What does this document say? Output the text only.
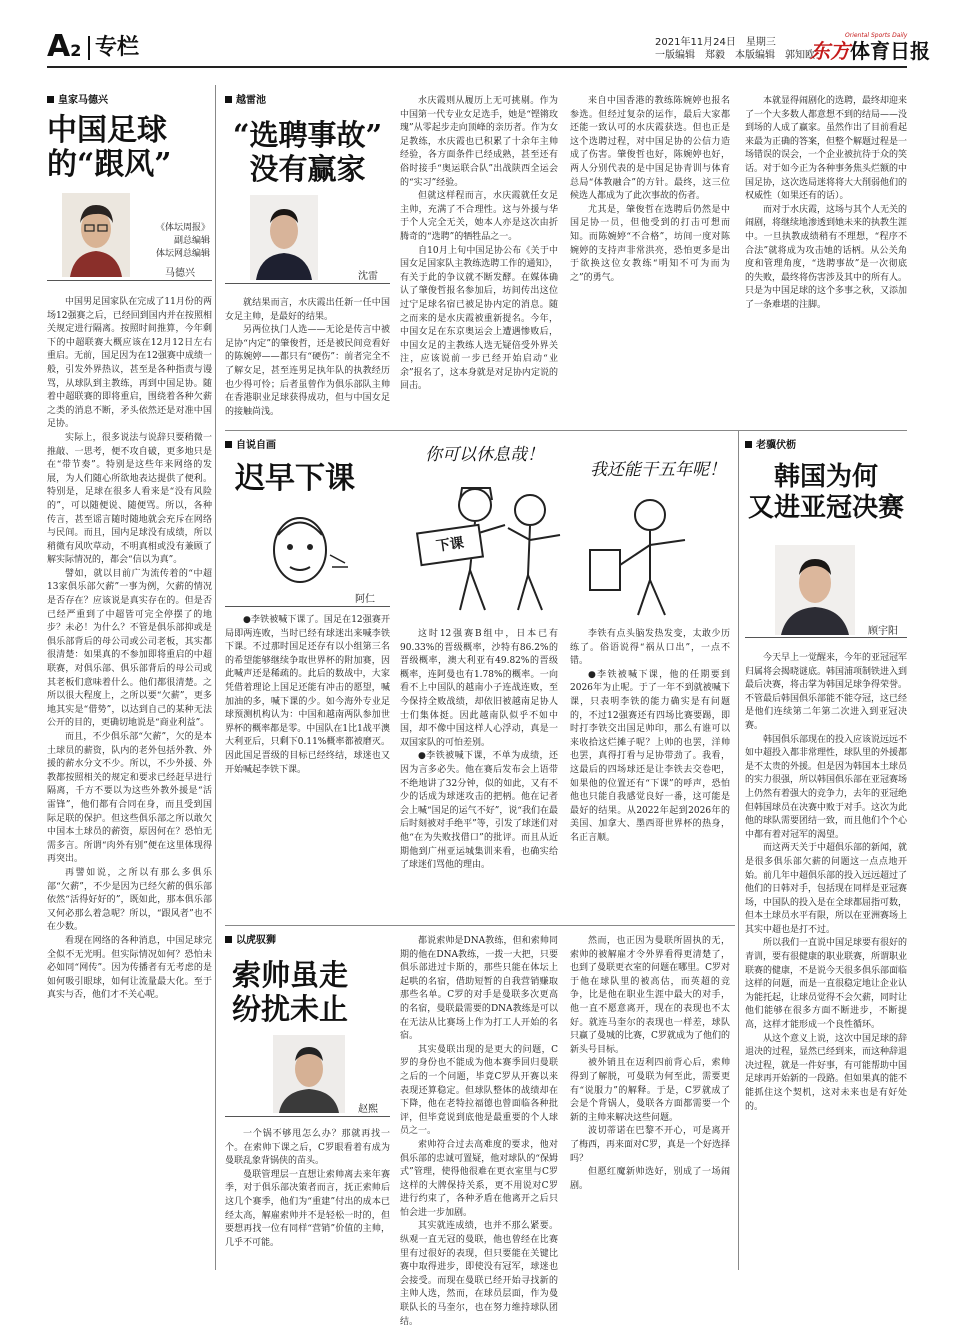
A2 专栏	2021年11月24日　星期三
一版编辑　郑毅　本版编辑　郭知欧
Oriental Sports Daily
东方体育日报
皇家马德兴
中国足球
的“跟风”
《体坛周报》
副总编辑
体坛网总编辑
马德兴

中国男足国家队在完成了11月份的两场12强赛之后，已经回到国内并在按照相关规定进行隔离。按照时间推算，今年剩下的中超联赛大概应该在12月12日左右重启。无前，国足因为在12强赛中成绩一般，引发外界热议，甚至是各种指责与谩骂，从球队到主教练，再到中国足协。随着中超联赛的即将重启，围绕着各种欠薪之类的消息不断，矛头依然还是对准中国足协。

实际上，很多说法与说辞只要稍微一推敲、一思考，便不攻自破，更多地只是在“带节奏”。特别是这些年来网络的发展，为人们随心所欲地表达提供了便利。特别是，足球在很多人看来是“没有风险的”，可以随便说、随便骂。所以，各种传言，甚至谣言随时随地就会充斥在网络与民间。而且，国内足球没有成绩，所以稍微有风吹草动，不明真相或没有兼顾了解实际情况的，都会“信以为真”。

譬如，就以目前广为流传着的“中超13家俱乐部欠薪”一事为例，欠薪的情况是否存在？应该说是真实存在的。但是否已经严重到了中超皆可完全停摆了的地步？未必！为什么？不管是俱乐部抑或是俱乐部背后的母公司或公司老板，其实都很清楚：如果真的不参加即将重启的中超联赛，对俱乐部、俱乐部背后的母公司或其老板们意味着什么。他们都很清楚。之所以很大程度上，之所以要“欠薪”，更多地其实是“借势”，以达到自己的某种无法公开的目的，更确切地说是“商业利益”。

而且，不少俱乐部“欠薪”，欠的是本土球员的薪资，队内的老外包括外教、外援的薪水分文不少。所以，不少外援、外教都按照相关的规定和要求已经赶早进行隔离，千方不要以为这些外教外援是“活雷锋”，他们都有合同在身，而且受到国际足联的保护。但这些俱乐部之所以敢欠中国本土球员的薪资，原因何在？恐怕无需多言。所谓“肉外有别”便在这里体现得再突出。

再譬如说，之所以有那么多俱乐部“欠薪”，不少是因为已经欠薪的俱乐部依然“活得好好的”，既如此，那本俱乐部又何必那么着急呢？所以，“跟风者”也不在少数。

看现在网络的各种消息，中国足球完全似不无光明。但实际情况如何？恐怕未必如同“网传”。因为传播者有无考虑的是如何吸引眼球，如何让流量最大化。至于真实与否，他们才不关心呢。

越雷池
“选聘事故”
没有赢家
沈雷

就结果而言，水庆霞出任新一任中国女足主帅，是最好的结果。

另两位执门人选——无论是传言中被足协“内定”的肇俊哲，还是被民间竞看好的陈婉婷——都只有“硬伤”：前者完全不了解女足，甚至连男足执年队的执教经历也少得可怜；后者虽曾作为俱乐部队主帅在香港职业足球获得成功，但与中国女足的接触尚浅。

水庆霞则从履历上无可挑剔。作为中国第一代专业女足选手，她是“铿锵玫瑰”从零起步走向顶峰的亲历者。作为女足教练，水庆霞也已积累了十余年主帅经验，各方面条件已经成熟，甚至还有俗时接手“奥运联合队”出战陕西全运会的“实习”经验。

但就这样程而言，水庆霞就任女足主帅，充满了不合理性。这与外援与华于个人完全无关，她本人亦是这次由折腾奇的“选聘”的牺牲品之一。

自10月上旬中国足协公布《关于中国女足国家队主教练选聘工作的通知》，有关于此的争议就不断发酵。在媒体确认了肇俊哲报名参加后，坊间传出这位过宁足球名宿已被足协内定的消息。随之而来的是水庆霞被重新提名。今年，中国女足在东京奥运会上遭遇惨败后，中国女足的主教练人选无疑倍受外界关注，应该说前一步已经开始启动“业余”报名了，这本身就是对足协内定说的回击。

来自中国香港的教练陈婉婷也报名参选。但经过复杂的运作，最后大家都还能一致认可的水庆霞获选。但也正是这个选聘过程，对中国足协的公信力造成了伤害。肇俊哲也好，陈婉婷也好，两人分别代表的是中国足协青训与体育总局“体教融合”的方针。最终，这三位候选人都成为了此次事故的伤者。

尤其是，肇俊哲在选聘后仍然是中国足协一员，但他受到的打击可想而知。而陈婉婷“不合格”，坊间一度对陈婉婷的支持声非常洪亮，恐怕更多是出于欲换这位女教练“明知不可为而为之”的勇气。

本就显得闹剧化的选聘，最终却迎来了一个大多数人都意想不到的结局——没到场的人成了赢家。虽然作出了目前看起来最为正确的答案，但整个解题过程是一场错误的误会，一个企业被抗待于众的笑话。对于如今正为各种事务焦头烂额的中国足协，这次选局迷将将大大削弱他们的权威性（如果还有的话）。

而对于水庆霞，这场与其个人无关的闹剧，将继续地渗透到她未来的执教生涯中。一旦执教成绩稍有不理想，“程序不合法”就将成为攻击她的话柄。从公关角度和管理角度，“选聘事故”是一次彻底的失败，最终将伤害涉及其中的所有人。只是为中国足球的这个多事之秋，又添加了一条难堪的注脚。

自说自画
迟早下课
阿仁
你可以休息哉！
我还能干五年呢！
下课

●李铁被喊下课了。国足在12强赛开局即两连败，当时已经有球迷出来喊李铁下课。不过那时国足还存有以小组第三名的希望能够继续争取世界杯的附加赛，因此喊声还是稀疏的。此后的数战中，大家凭借着理论上国足还能有冲击的愿望，喊加油的多，喊下课的少。如今海外专业足球预测机构认为：中国和越南两队参加世界杯的概率都是零。中国队在1比1战平澳大利亚后，只剩下0.11%概率都被磨灭。因此国足晋级的目标已经终结，球迷也又开始喊起李铁下课。

这时12强赛B组中，日本已有90.33%的晋级概率，沙特有86.2%的晋级概率，澳大利亚有49.82%的晋级概率，连阿曼也有1.78%的概率。一向看不上中国队的越南小子连战连败，至今保持全败战绩，却依旧被越南足协人士们集体挺。因此越南队似乎不如中国，却不像中国这样人心浮动，真是一双国家队的可怕差别。

●李铁被喊下课，不单为成绩，还因为言多必失。他在赛后发布会上语带不绝地讲了32分钟，似的如此，又有不少的话成为球迷攻击的把柄。他在记者会上喊“国足的运气不好”，说“我们在最后时刻被对手绝平”等，引发了球迷们对他“在为失败找借口”的批评。而且从近期他到广州亚运城集训来看，也确实给了球迷们骂他的理由。

李铁有点头脑发热发变，太敢少历练了。俗语说得“祸从口出”，一点不错。

●李铁被喊下课，他的任期要到2026年为止呢。于了一年不到就被喊下课，只表明李铁的能力确实是有问题的，不过12强赛还有四场比赛要踢，即时打李铁交出国足帅印，那么有谁可以来收拾这烂摊子呢？上帅的也罢，洋帅也罢，真得打看与足协带劲了。我看，这最后的四场球还是让李铁去交卷吧，如果他的位置还有“下课”的呼声，恐怕他也只能自我感觉良好一番，这可能是最好的结果。从2022年起到2026年的美国、加拿大、墨西哥世界杯的热身，名正言顺。

老骥伏枥
韩国为何
又进亚冠决赛
顾宇阳

今天早上一觉醒来，今年的亚冠冠军归属将会揭晓谜底。韩国浦项制铁进入到最后决赛，将击掌为韩国足球争得荣誉。不管最后韩国俱乐部能不能夺冠，这已经是他们连续第二年第二次进入到亚冠决赛。

韩国俱乐部现在的投入应该说远远不如中超投入都非常理性，球队里的外援都是不太贵的外援。但是因为韩国本土球员的实力很强，所以韩国俱乐部在亚冠赛场上仍然有着强大的竞争力，去年的亚冠绝但韩国球员在决赛中败于对手。这次为此他的球队需要团结一致，而且他们个个心中都有着对冠军的渴望。

而这两天关于中超俱乐部的新闻，就是很多俱乐部欠薪的问题这一点点地开始。前几年中超俱乐部的投入远远超过了他们的日韩对手，包括现在同样是亚冠赛场，中国队的投入是在全球都屈指可数，但本土球员水平有限，所以在亚洲赛场上其实中超也是打不过。

所以我们一直说中国足球要有很好的青训，要有很健康的职业联赛，所谓职业联赛的健康，不是说今天很多俱乐部面临这样的问题，而是一直很稳定地让企业认为能托起，让球员觉得不会欠薪，同时让他们能够在很多方面不断进步，不断提高，这样才能形成一个良性循环。

从这个意义上说，这次中国足球的辞退决的过程，显然已经到来，而这种辞退决过程，就是一件好事，有可能帮助中国足球再开始新的一段路。但如果真的能不能抓住这个契机，这对未来也是有好处的。

以虎驭狮
索帅虽走
纷扰未止
赵熙

一个锅不够甩怎么办？那就再找一个。在索帅下课之后，C罗眼看着有成为曼联乱象背锅侠的苗头。

曼联管理层一直想让索帅离去来年赛季，对于俱乐部决策者而言，抚正索帅后这几个赛季，他们为“重建”付出的成本已经太高，解雇索帅并不是轻松一时的，但要想再找一位有同样“营销”价值的主帅，几乎不可能。

都说索帅是DNA教练，但和索帅同期的他在DNA教练，一拨一大把，只要俱乐部进过卡斯的，那些只能在体坛上起哄的名宿，借助短暂的自我营销赚取那些名单。C罗的对手是曼联多次更高的名宿，曼联最需要的DNA教练是可以在无法从比赛场上作为打工人开始的名宿。

其实曼联出现的是更大的问题，C罗的身份也不能成为他本赛季回归曼联之后的一个问题，毕竟C罗从开赛以来表现还算稳定。但球队整体的战绩却在下降，他在老特拉福德也曾面临各种批评，但毕竟说到底他是最重要的个人球员之一。

索帅符合过去高难度的要求，他对俱乐部的忠诚可置疑，他对球队的“保姆式”管理，使得他很难在更衣室里与C罗这样的大牌保持关系，更不用说对C罗进行约束了，各种矛盾在他离开之后只怕会进一步加剧。

其实就连成绩，也并不那么紧要。纵观一直无冠的曼联，他也曾经在比赛里有过很好的表现，但只要能在关键比赛中取得进步，即使没有冠军，球迷也会接受。而现在曼联已经开始寻找新的主帅人选，然而，在球员层面，作为曼联队长的马奎尔，也在努力维持球队团结。

然而，也正因为曼联所固执的无，索帅的被解雇才令外界看得更清楚了，也到了曼联更衣室的问题在哪里。C罗对于他在球队里的被高估，而英超的竞争，比是他在职业生涯中最大的对手，他一直不愿意离开，现在的表现也不太好。就连马奎尔的表现也一样差，球队只赢了曼城的比赛，C罗就成为了他们的新头号目标。

被外销且在迈利四前背心后，索帅得到了解脱，可曼联为何至此，需要更有“说服力”的解释。于是，C罗就成了会是个背锅人，曼联各方面都需要一个新的主帅来解决这些问题。

波切蒂诺在巴黎不开心，可是离开了梅西，再来面对C罗，真是一个好选择吗？

但愿红魔新帅选好，别成了一场闹剧。
